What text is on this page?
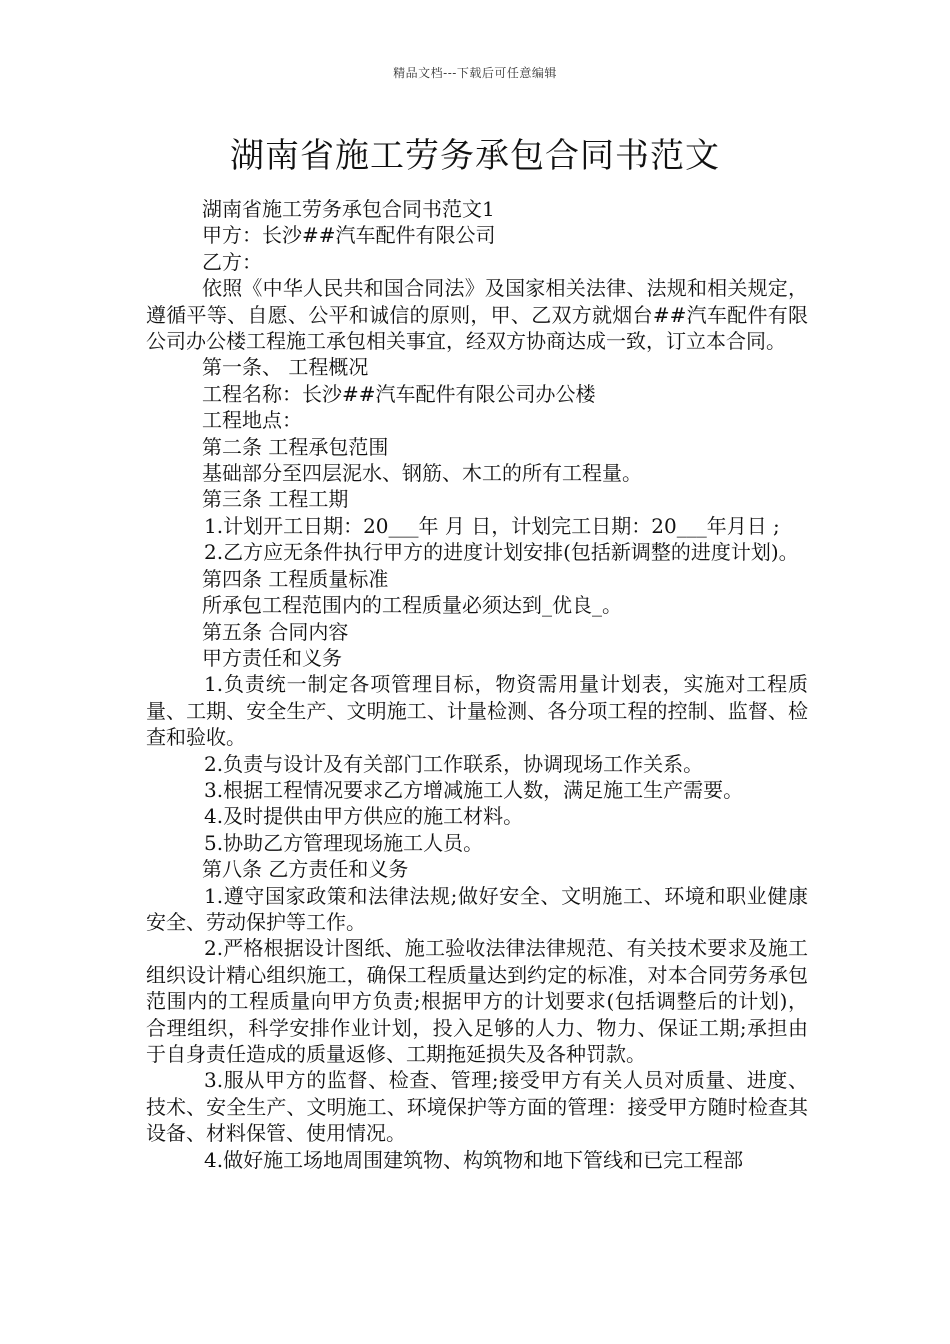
精品文档---下载后可任意编辑
湖南省施工劳务承包合同书范文

湖南省施工劳务承包合同书范文1

甲方：长沙##汽车配件有限公司

乙方：

依照《中华人民共和国合同法》及国家相关法律、法规和相关规定，遵循平等、自愿、公平和诚信的原则，甲、乙双方就烟台##汽车配件有限公司办公楼工程施工承包相关事宜，经双方协商达成一致，订立本合同。

第一条、 工程概况

工程名称：长沙##汽车配件有限公司办公楼

工程地点：

第二条 工程承包范围

基础部分至四层泥水、钢筋、木工的所有工程量。

第三条 工程工期

1.计划开工日期：20___年 月 日，计划完工日期：20___年月日 ;

2.乙方应无条件执行甲方的进度计划安排(包括新调整的进度计划)。

第四条 工程质量标准

所承包工程范围内的工程质量必须达到_优良_。

第五条 合同内容

甲方责任和义务

1.负责统一制定各项管理目标，物资需用量计划表，实施对工程质量、工期、安全生产、文明施工、计量检测、各分项工程的控制、监督、检查和验收。

2.负责与设计及有关部门工作联系，协调现场工作关系。

3.根据工程情况要求乙方增减施工人数，满足施工生产需要。

4.及时提供由甲方供应的施工材料。

5.协助乙方管理现场施工人员。

第八条 乙方责任和义务

1.遵守国家政策和法律法规;做好安全、文明施工、环境和职业健康安全、劳动保护等工作。

2.严格根据设计图纸、施工验收法律法律规范、有关技术要求及施工组织设计精心组织施工，确保工程质量达到约定的标准，对本合同劳务承包范围内的工程质量向甲方负责;根据甲方的计划要求(包括调整后的计划)，合理组织，科学安排作业计划，投入足够的人力、物力、保证工期;承担由于自身责任造成的质量返修、工期拖延损失及各种罚款。

3.服从甲方的监督、检查、管理;接受甲方有关人员对质量、进度、技术、安全生产、文明施工、环境保护等方面的管理：接受甲方随时检查其设备、材料保管、使用情况。

4.做好施工场地周围建筑物、构筑物和地下管线和已完工程部
